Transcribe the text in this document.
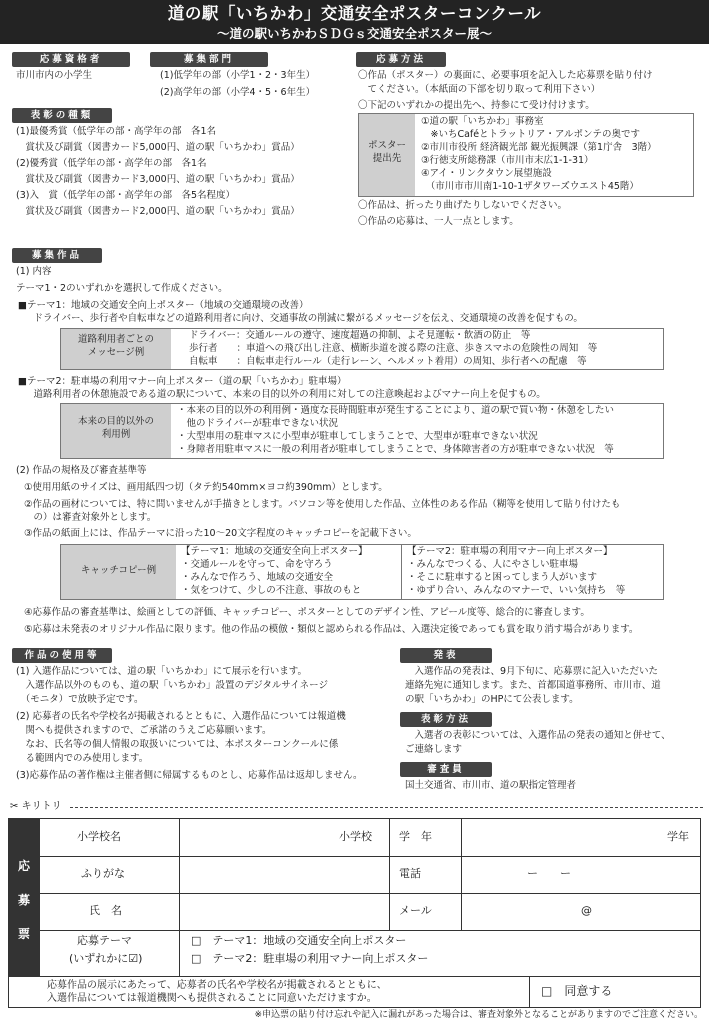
道の駅「いちかわ」交通安全ポスターコンクール
～道の駅いちかわＳＤＧｓ交通安全ポスター展～
応募資格者
市川市内の小学生
募集部門
(1)低学年の部（小学1・2・3年生）
(2)高学年の部（小学4・5・6年生）
表彰の種類
(1)最優秀賞（低学年の部・高学年の部　各1名
　賞状及び副賞（図書カード5,000円、道の駅「いちかわ」賞品）
(2)優秀賞（低学年の部・高学年の部　各1名
　賞状及び副賞（図書カード3,000円、道の駅「いちかわ」賞品）
(3)入　賞（低学年の部・高学年の部　各5名程度）
　賞状及び副賞（図書カード2,000円、道の駅「いちかわ」賞品）
応募方法
〇作品（ポスター）の裏面に、必要事項を記入した応募票を貼り付け
　てください。（本紙面の下部を切り取って利用下さい）
〇下記のいずれかの提出先へ、持参にて受け付けます。
ポスター
提出先
①道の駅「いちかわ」事務室
　※いちCaféとトラットリア・アルポンテの奥です
②市川市役所 経済観光部 観光振興課（第1庁舎　3階）
③行徳支所総務課（市川市末広1-1-31）
④アイ・リンクタウン展望施設
　（市川市市川南1-10-1ザタワーズウエスト45階）
〇作品は、折ったり曲げたりしないでください。
〇作品の応募は、一人一点とします。
募集作品
(1) 内容
テーマ1・2のいずれかを選択して作成ください。
■テーマ1：地域の交通安全向上ポスター（地域の交通環境の改善）
　ドライバー、歩行者や自転車などの道路利用者に向け、交通事故の削減に繋がるメッセージを伝え、交通環境の改善を促すもの。
道路利用者ごとの
メッセージ例
ドライバー：交通ルールの遵守、速度超過の抑制、よそ見運転・飲酒の防止　等
歩行者　　：車道への飛び出し注意、横断歩道を渡る際の注意、歩きスマホの危険性の周知　等
自転車　　：自転車走行ルール（走行レーン、ヘルメット着用）の周知、歩行者への配慮　等
■テーマ2：駐車場の利用マナー向上ポスター（道の駅「いちかわ」駐車場）
　道路利用者の休憩施設である道の駅について、本来の目的以外の利用に対しての注意喚起およびマナー向上を促すもの。
本来の目的以外の
利用例
・本来の目的以外の利用例・過度な長時間駐車が発生することにより、道の駅で買い物・休憩をしたい
　他のドライバーが駐車できない状況
・大型車用の駐車マスに小型車が駐車してしまうことで、大型車が駐車できない状況
・身障者用駐車マスに一般の利用者が駐車してしまうことで、身体障害者の方が駐車できない状況　等
(2) 作品の規格及び審査基準等
①使用用紙のサイズは、画用紙四つ切（タテ約540mm×ヨコ約390mm）とします。
②作品の画材については、特に問いませんが手描きとします。パソコン等を使用した作品、立体性のある作品（糊等を使用して貼り付けたも
　の）は審査対象外とします。
③作品の紙面上には、作品テーマに沿った10～20文字程度のキャッチコピーを記載下さい。
キャッチコピー例
【テーマ1：地域の交通安全向上ポスター】
・交通ルールを守って、命を守ろう
・みんなで作ろう、地域の交通安全
・気をつけて、少しの不注意、事故のもと
【テーマ2：駐車場の利用マナー向上ポスター】
・みんなでつくる、人にやさしい駐車場
・そこに駐車すると困ってしまう人がいます
・ゆずり合い、みんなのマナーで、いい気持ち　等
④応募作品の審査基準は、絵画としての評価、キャッチコピー、ポスターとしてのデザイン性、アピール度等、総合的に審査します。
⑤応募は未発表のオリジナル作品に限ります。他の作品の模倣・類似と認められる作品は、入選決定後であっても賞を取り消す場合があります。
作品の使用等
(1) 入選作品については、道の駅「いちかわ」にて展示を行います。
　入選作品以外のものも、道の駅「いちかわ」設置のデジタルサイネージ
　（モニタ）で放映予定です。
(2) 応募者の氏名や学校名が掲載されるとともに、入選作品については報道機
　関へも提供されますので、ご承諾のうえご応募願います。
　なお、氏名等の個人情報の取扱いについては、本ポスターコンクールに係
　る範囲内でのみ使用します。
(3)応募作品の著作権は主催者側に帰属するものとし、応募作品は返却しません。
発表
　入選作品の発表は、9月下旬に、応募票に記入いただいた
連絡先宛に通知します。また、首都国道事務所、市川市、道
の駅「いちかわ」のHPにて公表します。
表彰方法
　入選者の表彰については、入選作品の発表の通知と併せて、
ご連絡します
審査員
国土交通省、市川市、道の駅指定管理者
✂ キリトリ
応
募
票
小学校名	小学校 学　年	学年
ふりがな	電話	ー　　ー
氏　名	メール	@
応募テーマ
(いずれかに☑)
□　テーマ1：地域の交通安全向上ポスター
□　テーマ2：駐車場の利用マナー向上ポスター
応募作品の展示にあたって、応募者の氏名や学校名が掲載されるとともに、
入選作品については報道機関へも提供されることに同意いただけますか。
□　同意する
※申込票の貼り付け忘れや記入に漏れがあった場合は、審査対象外となることがありますのでご注意ください。
